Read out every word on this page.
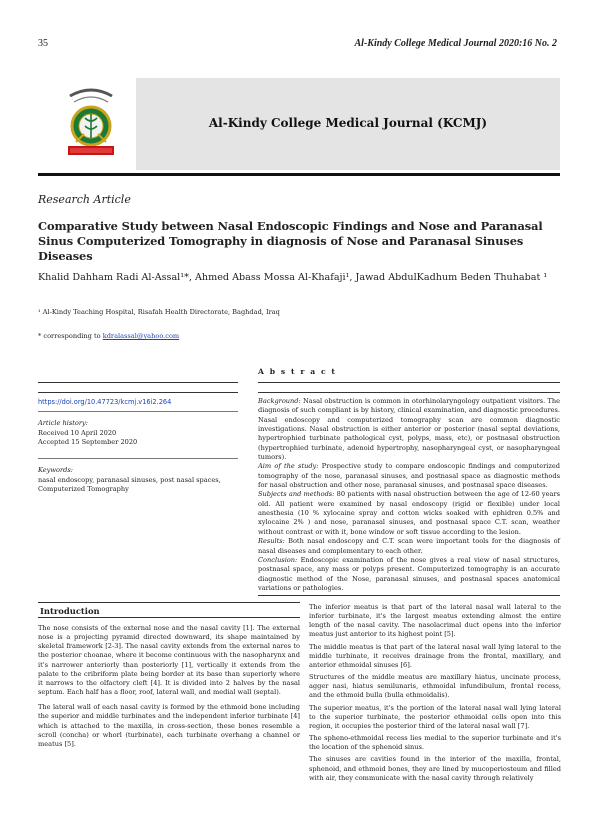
35	Al-Kindy College Medical Journal 2020:16 No. 2
Al-Kindy College Medical Journal (KCMJ)
Research Article
Comparative Study between Nasal Endoscopic Findings and Nose and Paranasal Sinus Computerized Tomography in diagnosis of Nose and Paranasal Sinuses Diseases
Khalid Dahham Radi Al-Assal¹*, Ahmed Abass Mossa Al-Khafaji¹, Jawad AbdulKadhum Beden Thuhabat ¹
¹ Al-Kindy Teaching Hospital, Risafah Health Directorate, Baghdad, Iraq
* corresponding to kdralassal@yahoo.com
A b s t r a c t
https://doi.org/10.47723/kcmj.v16i2.264
Article history:
Received 10 April 2020
Accepted 15 September 2020
Keywords:
nasal endoscopy, paranasal sinuses, post nasal spaces, Computerized Tomography

Background: Nasal obstruction is common in otorhinolaryngology outpatient visitors. The diagnosis of such compliant is by history, clinical examination, and diagnostic procedures. Nasal endoscopy and computerized tomography scan are common diagnostic investigations. Nasal obstruction is either anterior or posterior (nasal septal deviations, hypertrophied turbinate pathological cyst, polyps, mass, etc), or postnasal obstruction (hypertrophied turbinate, adenoid hypertrophy, nasopharyngeal cyst, or nasopharyngeal tumors).

Aim of the study: Prospective study to compare endoscopic findings and computerized tomography of the nose, paranasal sinuses, and postnasal space as diagnostic methods for nasal obstruction and other nose, paranasal sinuses, and postnasal space diseases.

Subjects and methods: 80 patients with nasal obstruction between the age of 12-60 years old. All patient were examined by nasal endoscopy (rigid or flexible) under local anesthesia (10 % xylocaine spray and cotton wicks soaked with ephidren 0.5% and xylocaine 2% ) and nose, paranasal sinuses, and postnasal space C.T. scan, weather without contrast or with it, bone window or soft tissue according to the lesion.

Results: Both nasal endoscopy and C.T. scan were important tools for the diagnosis of nasal diseases and complementary to each other.

Conclusion: Endoscopic examination of the nose gives a real view of nasal structures, postnasal space, any mass or polyps present. Computerized tomography is an accurate diagnostic method of the Nose, paranasal sinuses, and postnasal spaces anatomical variations or pathologies.

Introduction

The nose consists of the external nose and the nasal cavity [1]. The external nose is a projecting pyramid directed downward, its shape maintained by skeletal framework [2-3]. The nasal cavity extends from the external nares to the posterior choanae, where it become continuous with the nasopharynx and it's narrower anteriorly than posteriorly [1], vertically it extends from the palate to the cribriform plate being border at its base than superiorly where it narrows to the olfactory cleft [4]. It is divided into 2 halves by the nasal septum. Each half has a floor, roof, lateral wall, and medial wall (septal).

The lateral wall of each nasal cavity is formed by the ethmoid bone including the superior and middle turbinates and the independent inferior turbinate [4] which is attached to the maxilla, in cross-section, these bones resemble a scroll (concha) or whorl (turbinate), each turbinate overhang a channel or meatus [5].

The inferior meatus is that part of the lateral nasal wall lateral to the inferior turbinate, it's the largest meatus extending almost the entire length of the nasal cavity. The nasolacrimal duct opens into the inferior meatus just anterior to its highest point [5].

The middle meatus is that part of the lateral nasal wall lying lateral to the middle turbinate, it receives drainage from the frontal, maxillary, and anterior ethmoidal sinuses [6].

Structures of the middle meatus are maxillary hiatus, uncinate process, agger nasi, hiatus semilunaris, ethmoidal infundibulum, frontal recess, and the ethmoid bulla (bulla ethmoidalis).

The superior meatus, it's the portion of the lateral nasal wall lying lateral to the superior turbinate, the posterior ethmoidal cells open into this region, it occupies the posterior third of the lateral nasal wall [7].

The spheno-ethmoidal recess lies medial to the superior turbinate and it's the location of the sphenoid sinus.

The sinuses are cavities found in the interior of the maxilla, frontal, sphenoid, and ethmoid bones, they are lined by mucoperiosteum and filled with air, they communicate with the nasal cavity through relatively
